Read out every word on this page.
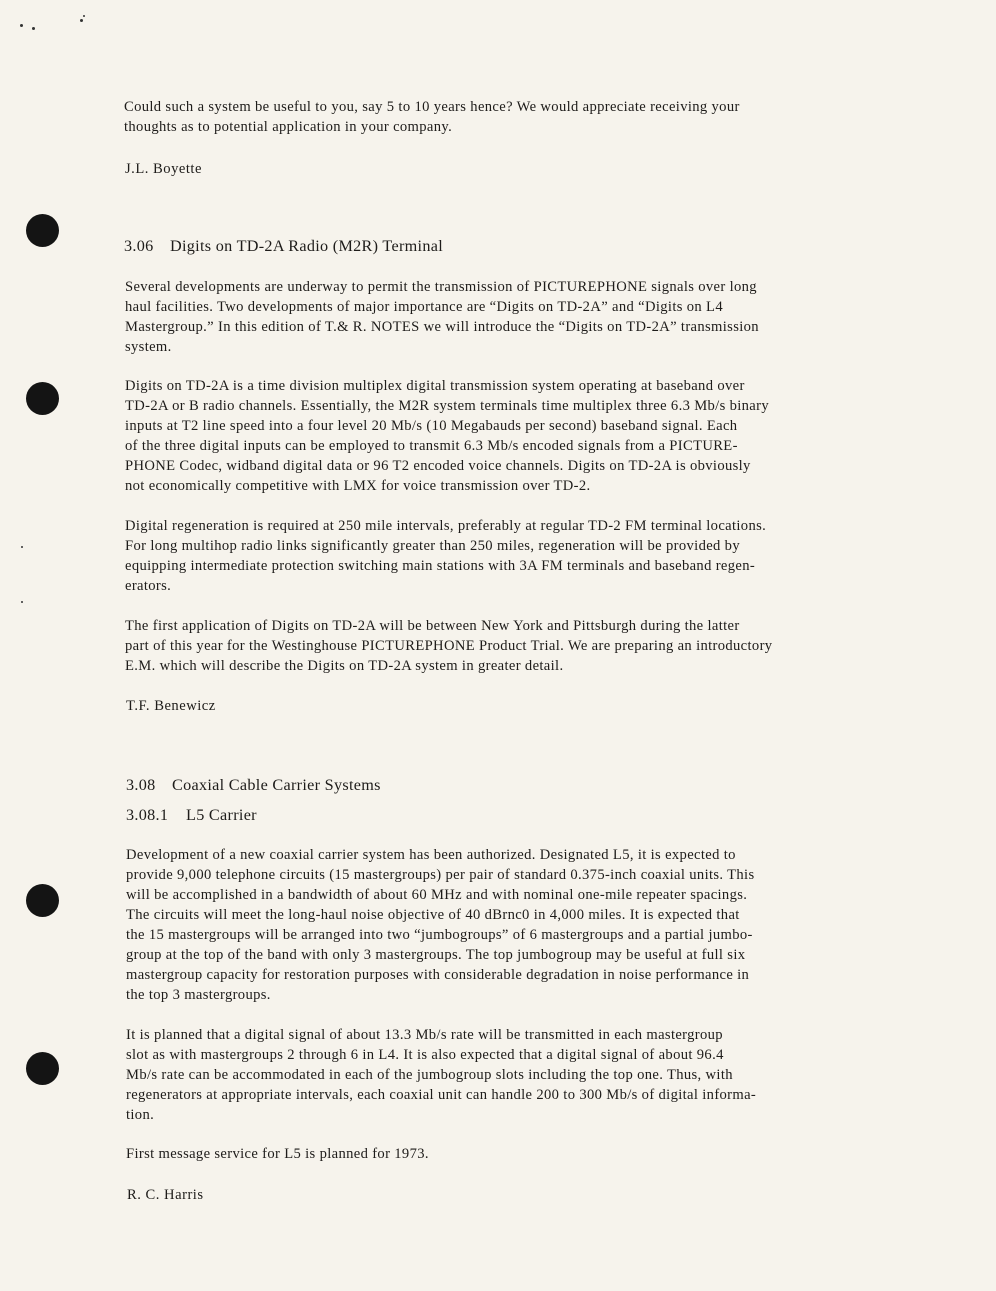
Could such a system be useful to you, say 5 to 10 years hence? We would appreciate receiving your

thoughts as to potential application in your company.

J.L. Boyette
3.06 Digits on TD-2A Radio (M2R) Terminal

Several developments are underway to permit the transmission of PICTUREPHONE signals over long

haul facilities. Two developments of major importance are “Digits on TD-2A” and “Digits on L4

Mastergroup.” In this edition of T.& R. NOTES we will introduce the “Digits on TD-2A” transmission

system.

Digits on TD-2A is a time division multiplex digital transmission system operating at baseband over

TD-2A or B radio channels. Essentially, the M2R system terminals time multiplex three 6.3 Mb/s binary

inputs at T2 line speed into a four level 20 Mb/s (10 Megabauds per second) baseband signal. Each

of the three digital inputs can be employed to transmit 6.3 Mb/s encoded signals from a PICTURE-

PHONE Codec, widband digital data or 96 T2 encoded voice channels. Digits on TD-2A is obviously

not economically competitive with LMX for voice transmission over TD-2.

Digital regeneration is required at 250 mile intervals, preferably at regular TD-2 FM terminal locations.

For long multihop radio links significantly greater than 250 miles, regeneration will be provided by

equipping intermediate protection switching main stations with 3A FM terminals and baseband regen-

erators.

The first application of Digits on TD-2A will be between New York and Pittsburgh during the latter

part of this year for the Westinghouse PICTUREPHONE Product Trial. We are preparing an introductory

E.M. which will describe the Digits on TD-2A system in greater detail.

T.F. Benewicz
3.08 Coaxial Cable Carrier Systems
3.08.1 L5 Carrier

Development of a new coaxial carrier system has been authorized. Designated L5, it is expected to

provide 9,000 telephone circuits (15 mastergroups) per pair of standard 0.375-inch coaxial units. This

will be accomplished in a bandwidth of about 60 MHz and with nominal one-mile repeater spacings.

The circuits will meet the long-haul noise objective of 40 dBrnc0 in 4,000 miles. It is expected that

the 15 mastergroups will be arranged into two “jumbogroups” of 6 mastergroups and a partial jumbo-

group at the top of the band with only 3 mastergroups. The top jumbogroup may be useful at full six

mastergroup capacity for restoration purposes with considerable degradation in noise performance in

the top 3 mastergroups.

It is planned that a digital signal of about 13.3 Mb/s rate will be transmitted in each mastergroup

slot as with mastergroups 2 through 6 in L4. It is also expected that a digital signal of about 96.4

Mb/s rate can be accommodated in each of the jumbogroup slots including the top one. Thus, with

regenerators at appropriate intervals, each coaxial unit can handle 200 to 300 Mb/s of digital informa-

tion.

First message service for L5 is planned for 1973.

R. C. Harris
